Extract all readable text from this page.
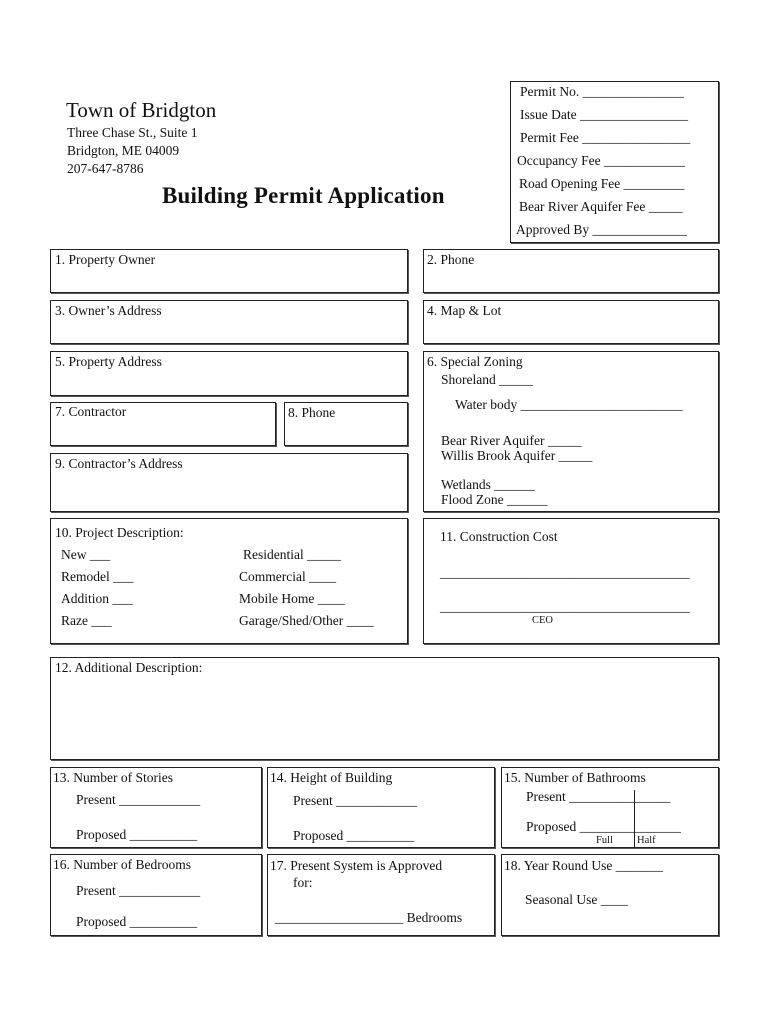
Town of Bridgton
Three Chase St., Suite 1
Bridgton, ME 04009
207-647-8786
Building Permit Application
Permit No. _______________
Issue Date ________________
Permit Fee ________________
Occupancy Fee ____________
Road Opening Fee _________
Bear River Aquifer Fee _____
Approved By ______________
1. Property Owner	2. Phone
3. Owner’s Address	4. Map & Lot
5. Property Address	6. Special Zoning
Shoreland _____
Water body ________________________
Bear River Aquifer _____
Willis Brook Aquifer _____
Wetlands ______
Flood Zone ______
7. Contractor	8. Phone
9. Contractor’s Address
10. Project Description:
New ___
Remodel ___
Addition ___
Raze ___
Residential _____
Commercial ____
Mobile Home ____
Garage/Shed/Other ____
11. Construction Cost
_____________________________________
_____________________________________
CEO
12. Additional Description:
13. Number of Stories
Present ____________
Proposed __________
14. Height of Building
Present ____________
Proposed __________
15. Number of Bathrooms
Present _______________
Proposed _______________
Full Half
16. Number of Bedrooms
Present ____________
Proposed __________
17. Present System is Approved
for:
___________________ Bedrooms
18. Year Round Use _______
Seasonal Use ____
